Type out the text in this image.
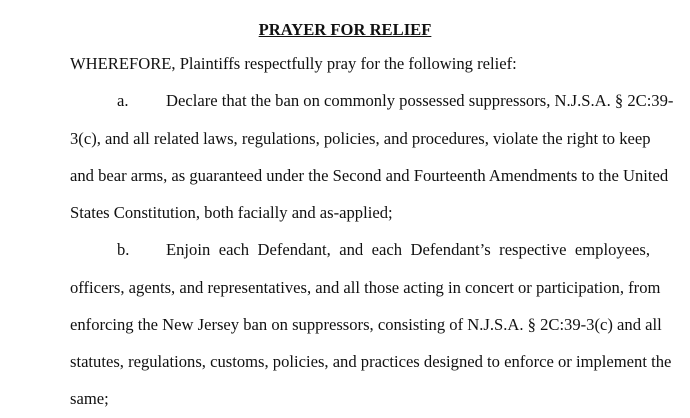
PRAYER FOR RELIEF

WHEREFORE, Plaintiffs respectfully pray for the following relief:

a. Declare that the ban on commonly possessed suppressors, N.J.S.A. § 2C:39-

3(c), and all related laws, regulations, policies, and procedures, violate the right to keep

and bear arms, as guaranteed under the Second and Fourteenth Amendments to the United

States Constitution, both facially and as-applied;

b. Enjoin each Defendant, and each Defendant’s respective employees,

officers, agents, and representatives, and all those acting in concert or participation, from

enforcing the New Jersey ban on suppressors, consisting of N.J.S.A. § 2C:39-3(c) and all

statutes, regulations, customs, policies, and practices designed to enforce or implement the

same;
